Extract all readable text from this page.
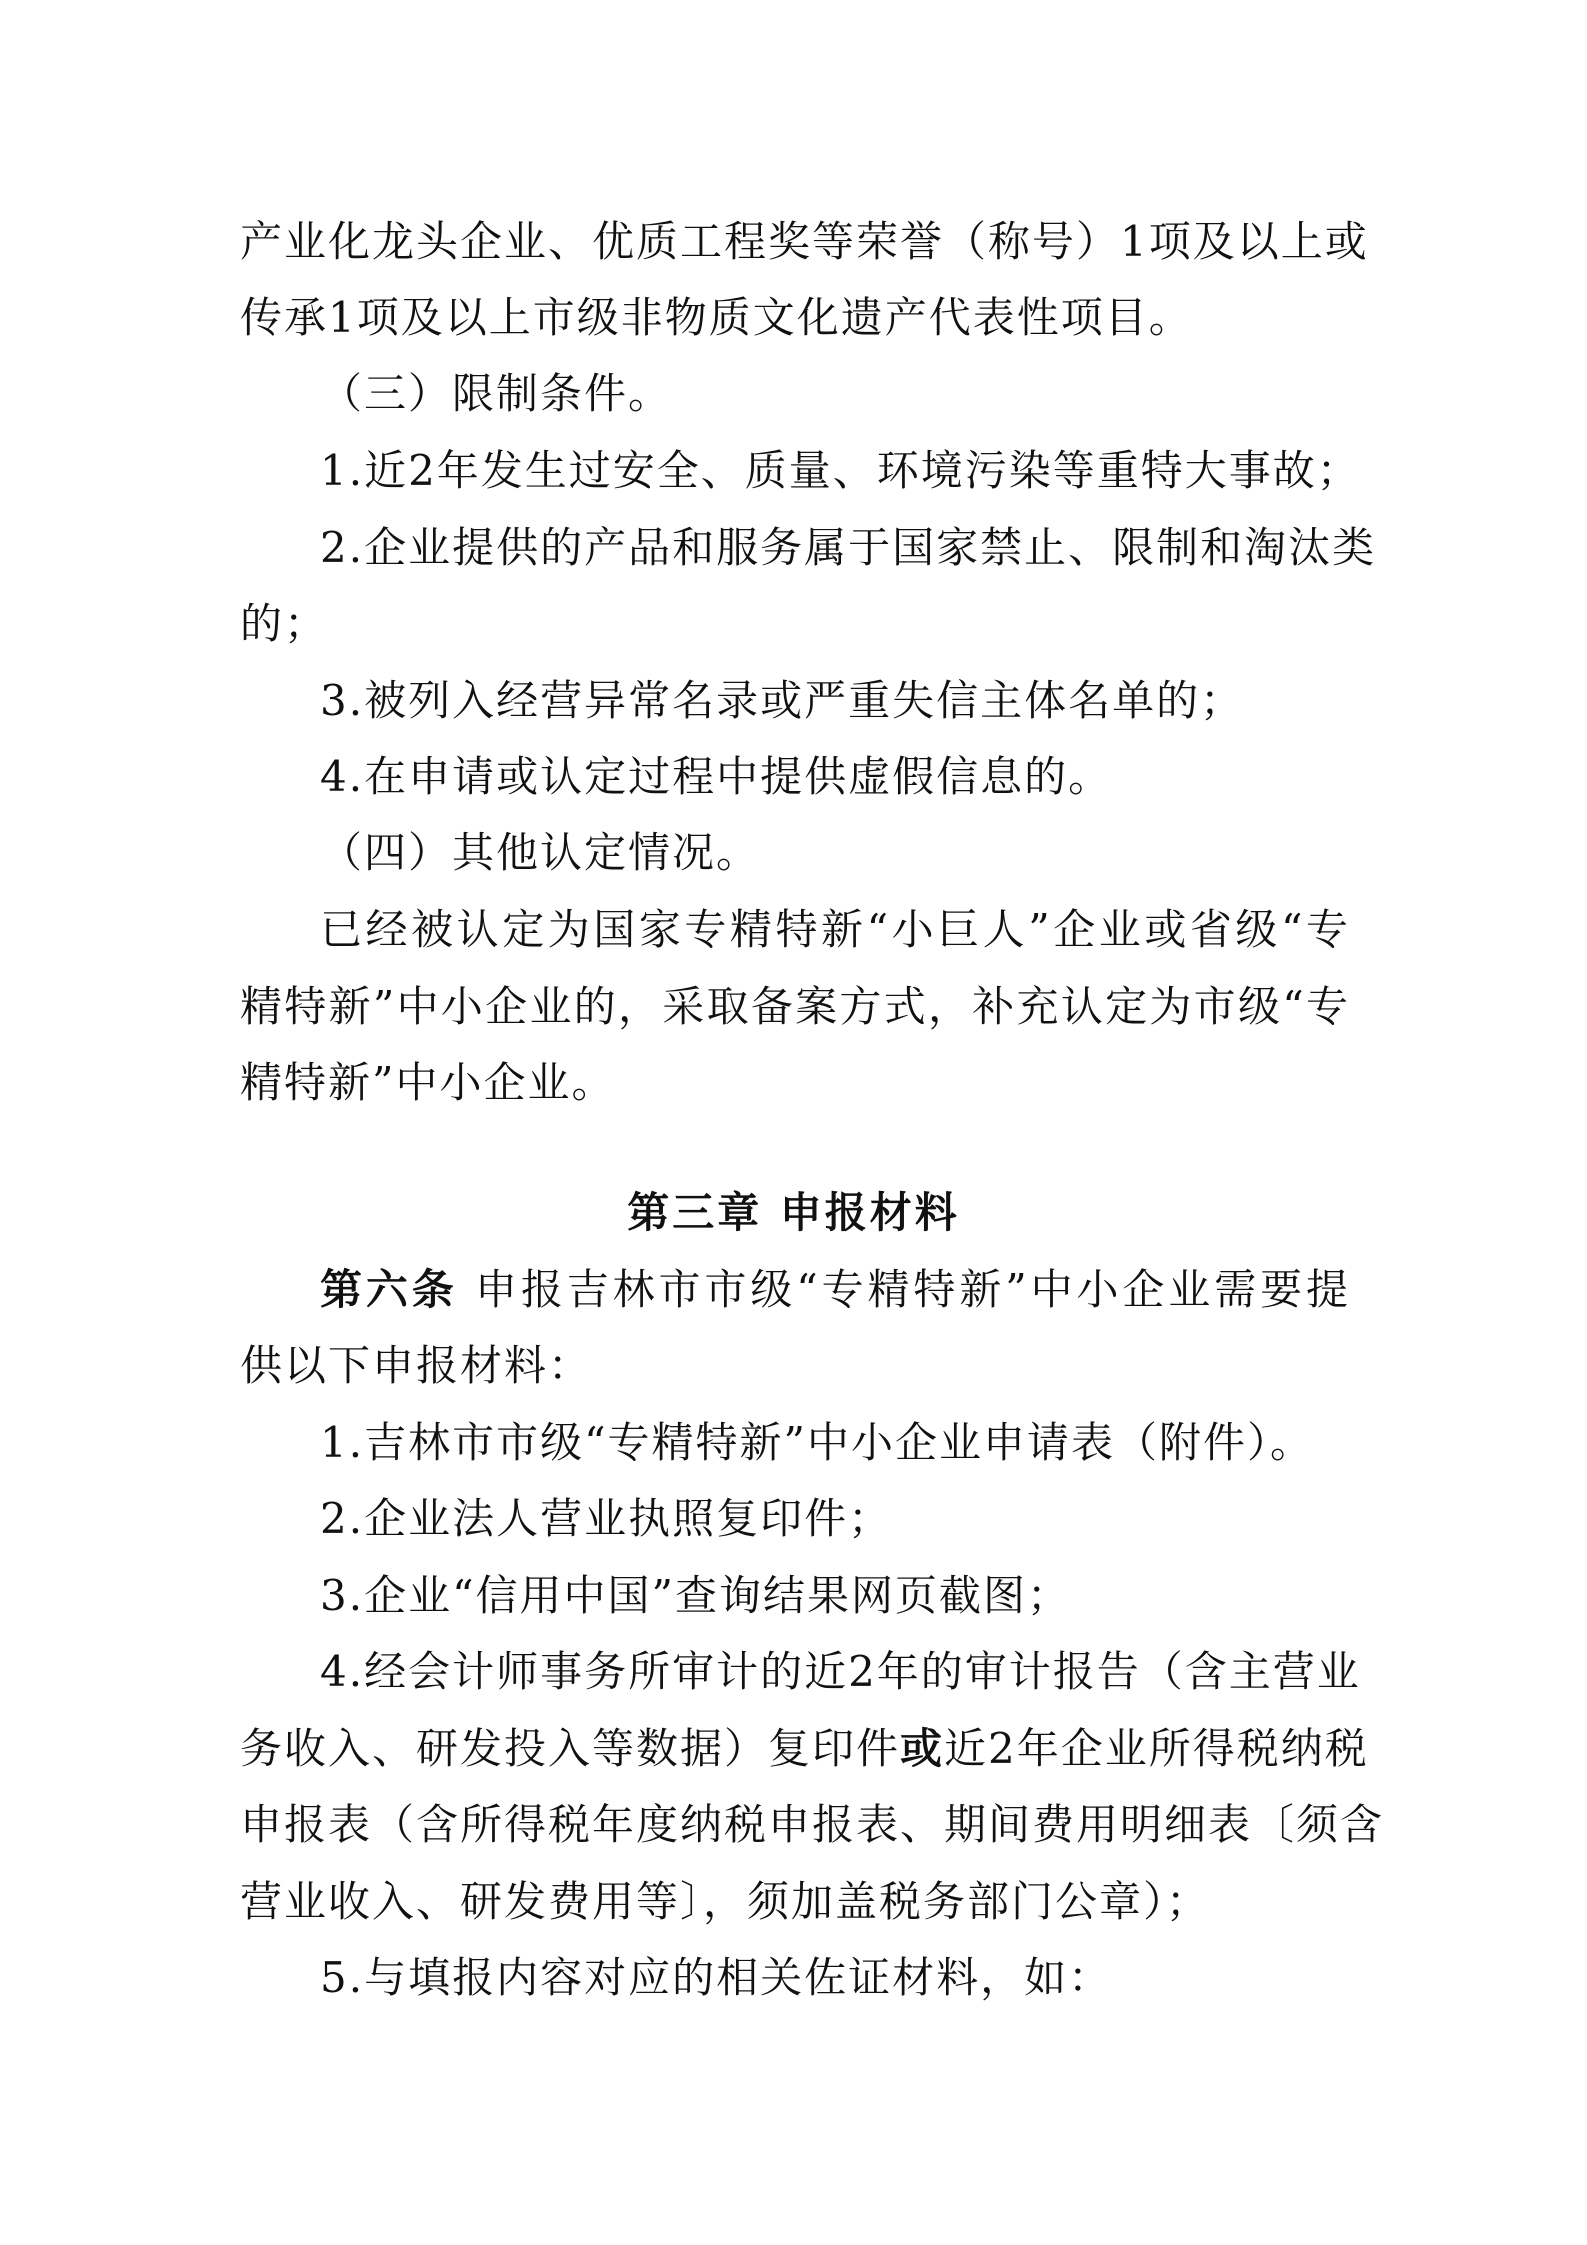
产业化龙头企业、优质工程奖等荣誉（称号）1项及以上或
传承1项及以上市级非物质文化遗产代表性项目。
（三）限制条件。
1.近2年发生过安全、质量、环境污染等重特大事故；
2.企业提供的产品和服务属于国家禁止、限制和淘汰类
的；
3.被列入经营异常名录或严重失信主体名单的；
4.在申请或认定过程中提供虚假信息的。
（四）其他认定情况。
已经被认定为国家专精特新“小巨人”企业或省级“专
精特新”中小企业的，采取备案方式，补充认定为市级“专
精特新”中小企业。
第三章 申报材料
第六条 申报吉林市市级“专精特新”中小企业需要提
供以下申报材料：
1.吉林市市级“专精特新”中小企业申请表（附件）。
2.企业法人营业执照复印件；
3.企业“信用中国”查询结果网页截图；
4.经会计师事务所审计的近2年的审计报告（含主营业
务收入、研发投入等数据）复印件或近2年企业所得税纳税
申报表（含所得税年度纳税申报表、期间费用明细表〔须含
营业收入、研发费用等〕，须加盖税务部门公章）；
5.与填报内容对应的相关佐证材料，如：
